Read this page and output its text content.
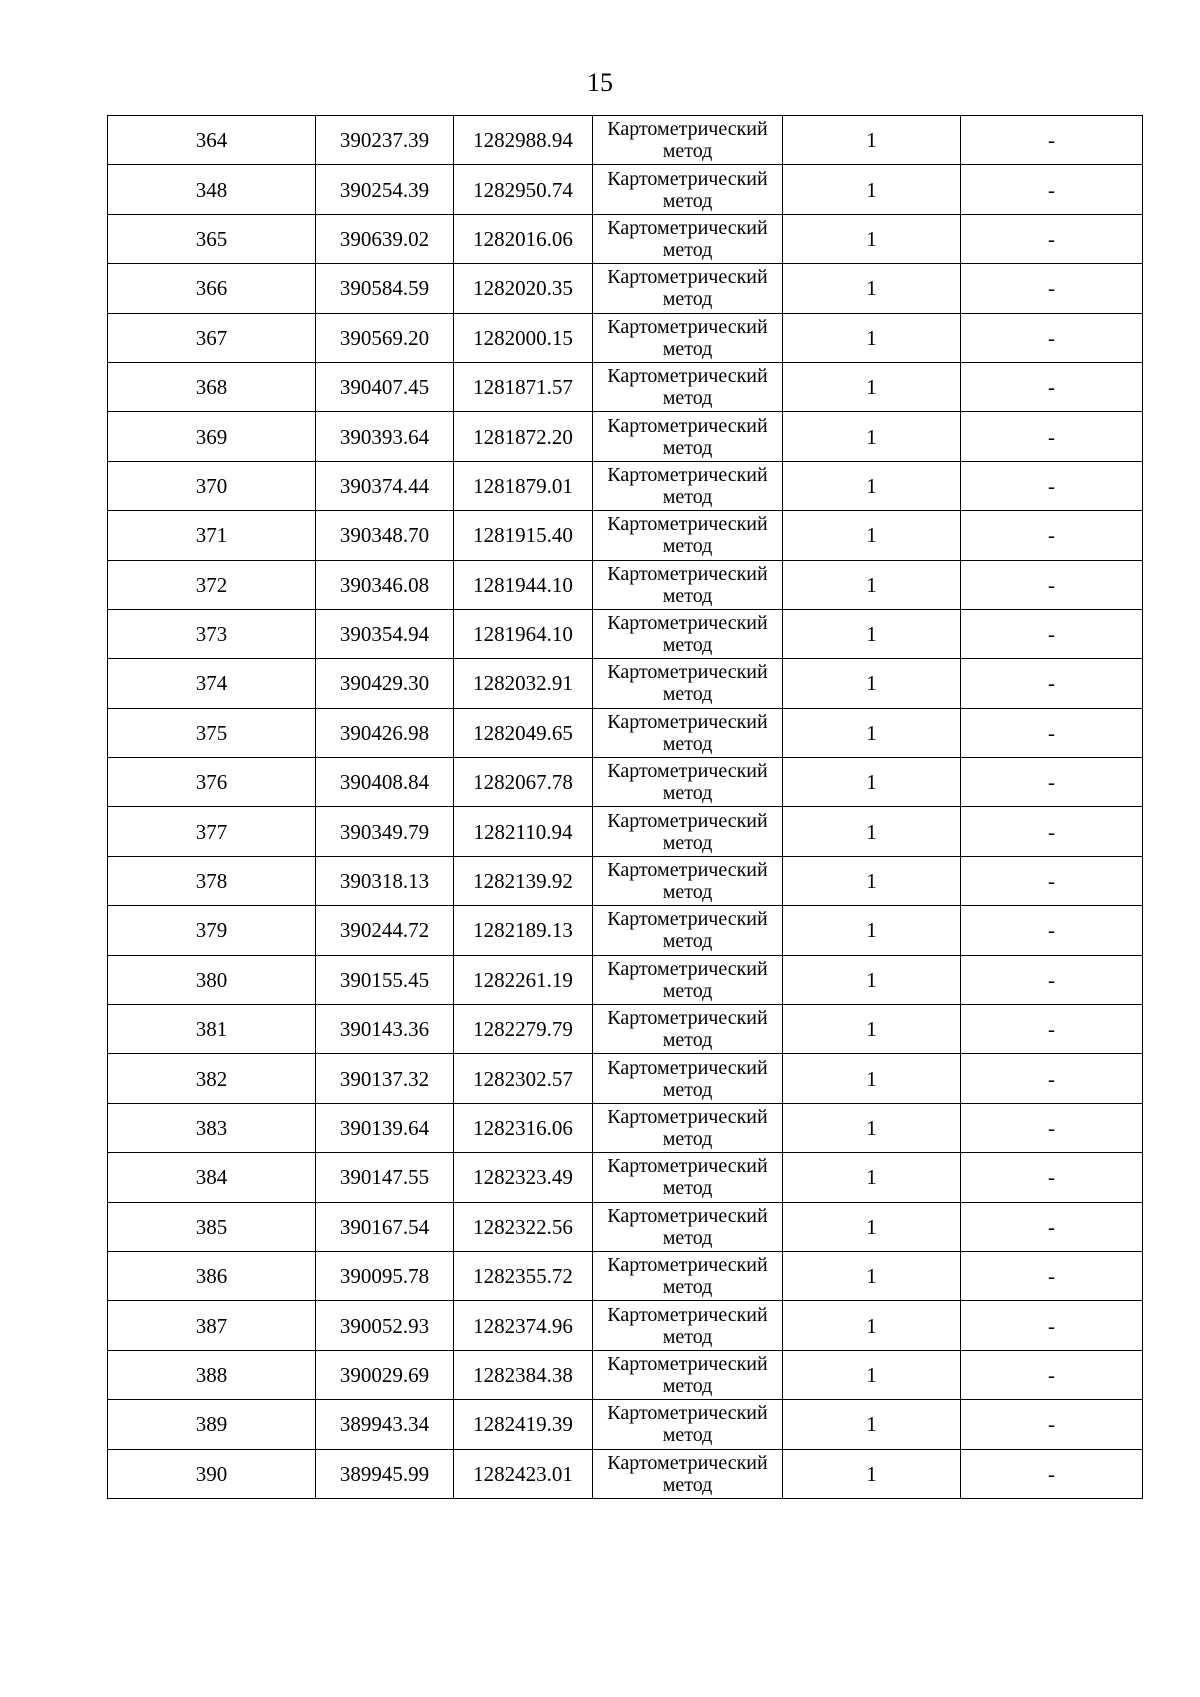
15
364	390237.39	1282988.94	Картометрический метод	1	-
348	390254.39	1282950.74	Картометрический метод	1	-
365	390639.02	1282016.06	Картометрический метод	1	-
366	390584.59	1282020.35	Картометрический метод	1	-
367	390569.20	1282000.15	Картометрический метод	1	-
368	390407.45	1281871.57	Картометрический метод	1	-
369	390393.64	1281872.20	Картометрический метод	1	-
370	390374.44	1281879.01	Картометрический метод	1	-
371	390348.70	1281915.40	Картометрический метод	1	-
372	390346.08	1281944.10	Картометрический метод	1	-
373	390354.94	1281964.10	Картометрический метод	1	-
374	390429.30	1282032.91	Картометрический метод	1	-
375	390426.98	1282049.65	Картометрический метод	1	-
376	390408.84	1282067.78	Картометрический метод	1	-
377	390349.79	1282110.94	Картометрический метод	1	-
378	390318.13	1282139.92	Картометрический метод	1	-
379	390244.72	1282189.13	Картометрический метод	1	-
380	390155.45	1282261.19	Картометрический метод	1	-
381	390143.36	1282279.79	Картометрический метод	1	-
382	390137.32	1282302.57	Картометрический метод	1	-
383	390139.64	1282316.06	Картометрический метод	1	-
384	390147.55	1282323.49	Картометрический метод	1	-
385	390167.54	1282322.56	Картометрический метод	1	-
386	390095.78	1282355.72	Картометрический метод	1	-
387	390052.93	1282374.96	Картометрический метод	1	-
388	390029.69	1282384.38	Картометрический метод	1	-
389	389943.34	1282419.39	Картометрический метод	1	-
390	389945.99	1282423.01	Картометрический метод	1	-
